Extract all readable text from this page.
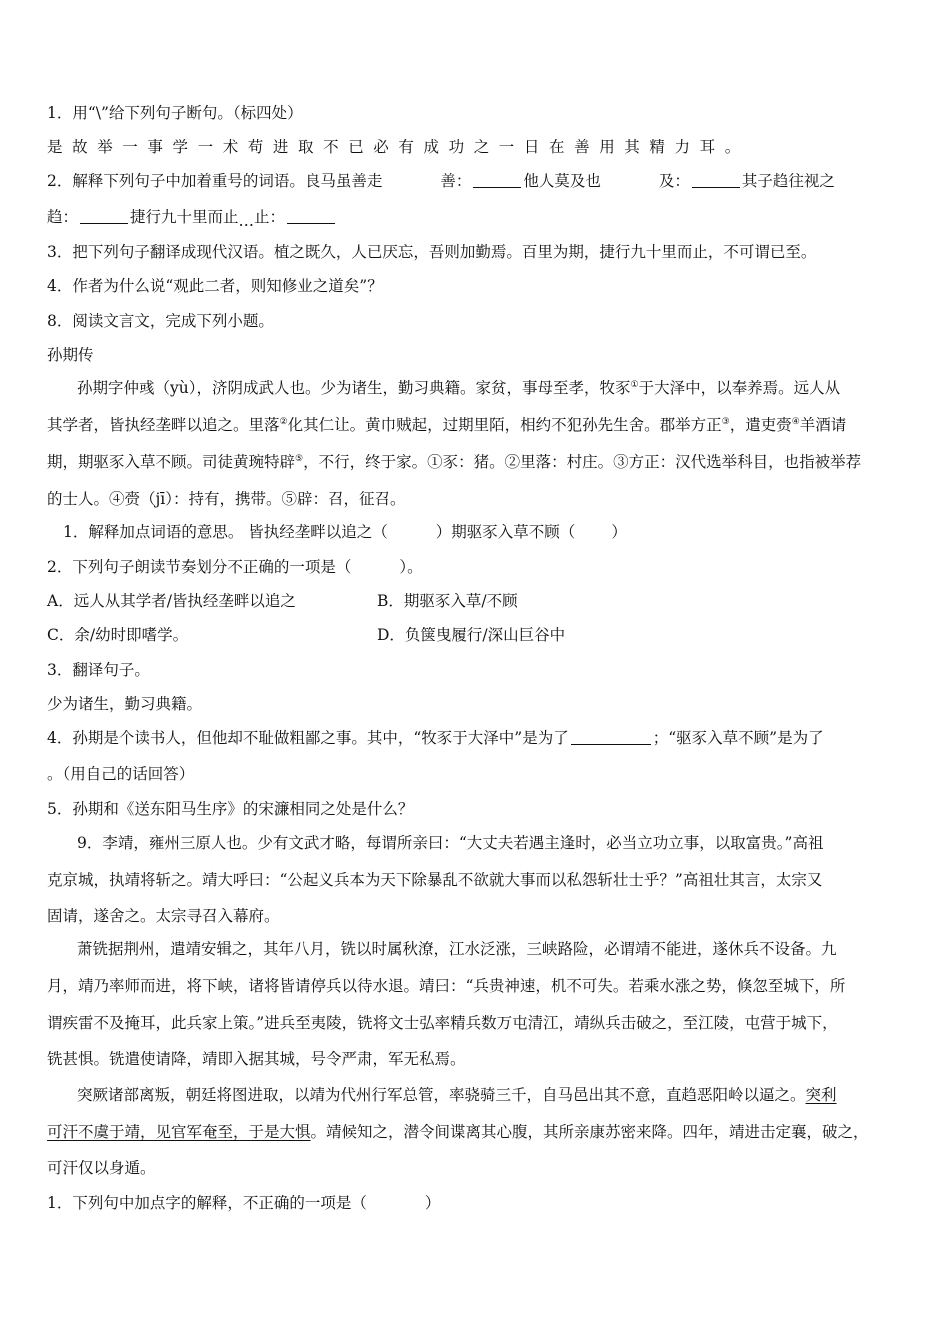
1．用“\”给下列句子断句。（标四处）
是故举一事学一术苟进取不已必有成功之一日在善用其精力耳。
2．解释下列句子中加着重号的词语。良马虽善走	善：	他人莫及也	及：	其子趋往视之
趋：	捷行九十里而止…止：
3．把下列句子翻译成现代汉语。植之既久，人已厌忘，吾则加勤焉。百里为期，捷行九十里而止，不可谓已至。
4．作者为什么说“观此二者，则知修业之道矣”？
8．阅读文言文，完成下列小题。
孙期传
孙期字仲彧（yù），济阴成武人也。少为诸生，勤习典籍。家贫，事母至孝，牧豕①于大泽中，以奉养焉。远人从
其学者，皆执经垄畔以追之。里落②化其仁让。黄巾贼起，过期里陌，相约不犯孙先生舍。郡举方正③，遣吏赍④羊酒请
期，期驱豕入草不顾。司徒黄琬特辟⑤，不行，终于家。①豕：猪。②里落：村庄。③方正：汉代选举科目，也指被举荐
的士人。④赍（jī）：持有，携带。⑤辟：召，征召。
1．解释加点词语的意思。 皆执经垄畔以追之（	）期驱豕入草不顾（ ）
2．下列句子朗读节奏划分不正确的一项是（	）。
A．远人从其学者/皆执经垄畔以追之	B．期驱豕入草/不顾
C．余/幼时即嗜学。	D．负箧曳履行/深山巨谷中
3．翻译句子。
少为诸生，勤习典籍。
4．孙期是个读书人，但他却不耻做粗鄙之事。其中，“牧豕于大泽中”是为了	；“驱豕入草不顾”是为了
。（用自己的话回答）
5．孙期和《送东阳马生序》的宋濂相同之处是什么？
9．李靖，雍州三原人也。少有文武才略，每谓所亲曰：“大丈夫若遇主逢时，必当立功立事，以取富贵。”高祖
克京城，执靖将斩之。靖大呼曰：“公起义兵本为天下除暴乱不欲就大事而以私怨斩壮士乎？”高祖壮其言，太宗又
固请，遂舍之。太宗寻召入幕府。
萧铣据荆州，遣靖安辑之，其年八月，铣以时属秋潦，江水泛涨，三峡路险，必谓靖不能进，遂休兵不设备。九
月，靖乃率师而进，将下峡，诸将皆请停兵以待水退。靖曰：“兵贵神速，机不可失。若乘水涨之势，倏忽至城下，所
谓疾雷不及掩耳，此兵家上策。”进兵至夷陵，铣将文士弘率精兵数万屯清江，靖纵兵击破之，至江陵，屯营于城下，
铣甚惧。铣遣使请降，靖即入据其城，号令严肃，军无私焉。
突厥诸部离叛，朝廷将图进取，以靖为代州行军总管，率骁骑三千，自马邑出其不意，直趋恶阳岭以逼之。突利
可汗不虞于靖，见官军奄至，于是大惧。靖候知之，潜令间谍离其心腹，其所亲康苏密来降。四年，靖进击定襄，破之，
可汗仅以身遁。
1．下列句中加点字的解释，不正确的一项是（	）
